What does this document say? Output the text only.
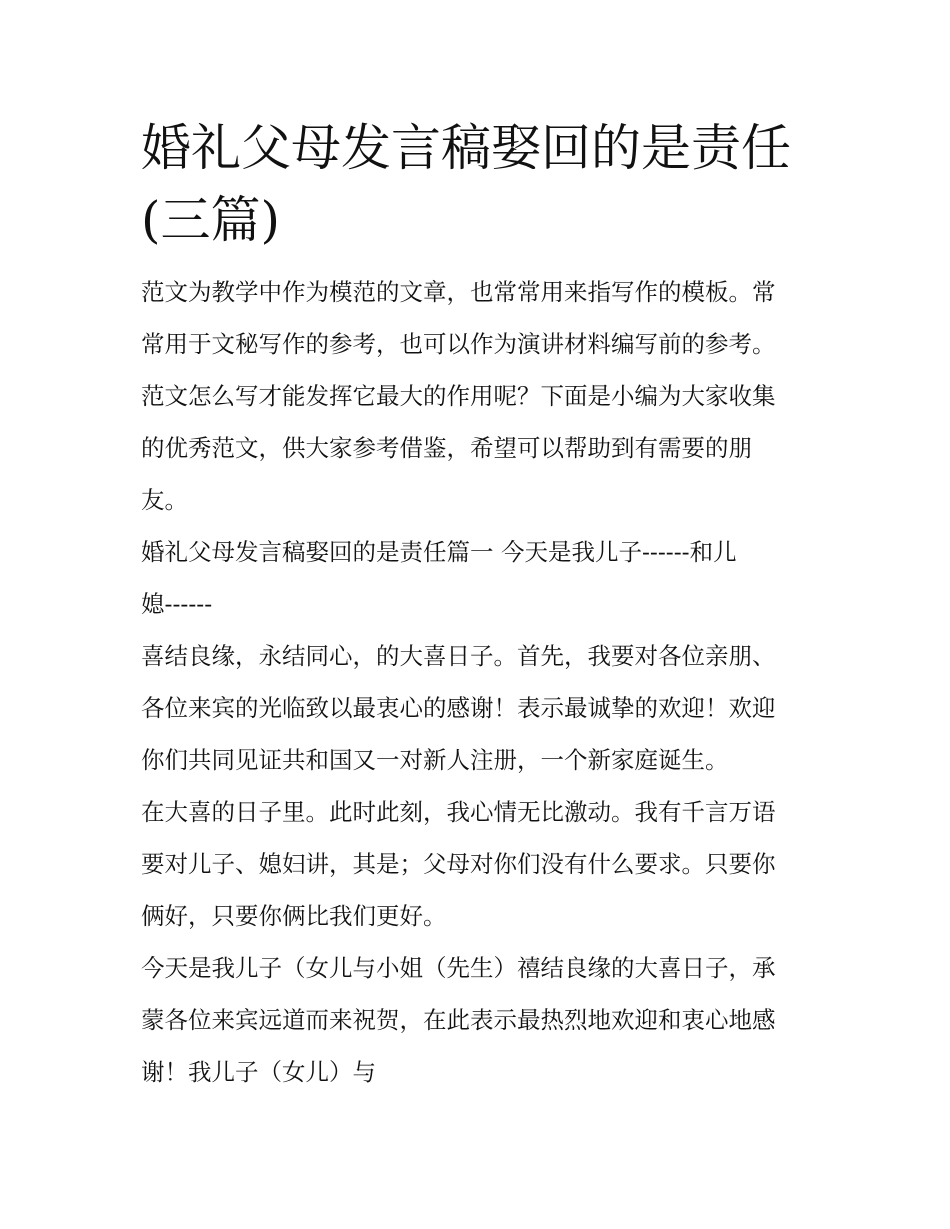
婚礼父母发言稿娶回的是责任
(三篇)

范文为教学中作为模范的文章，也常常用来指写作的模板。常
常用于文秘写作的参考，也可以作为演讲材料编写前的参考。
范文怎么写才能发挥它最大的作用呢？下面是小编为大家收集
的优秀范文，供大家参考借鉴，希望可以帮助到有需要的朋
友。

婚礼父母发言稿娶回的是责任篇一 今天是我儿子------和儿
媳------

喜结良缘，永结同心，的大喜日子。首先，我要对各位亲朋、
各位来宾的光临致以最衷心的感谢！表示最诚挚的欢迎！欢迎
你们共同见证共和国又一对新人注册，一个新家庭诞生。

在大喜的日子里。此时此刻，我心情无比激动。我有千言万语
要对儿子、媳妇讲，其是；父母对你们没有什么要求。只要你
俩好，只要你俩比我们更好。

今天是我儿子（女儿与小姐（先生）禧结良缘的大喜日子，承
蒙各位来宾远道而来祝贺，在此表示最热烈地欢迎和衷心地感
谢！我儿子（女儿）与
